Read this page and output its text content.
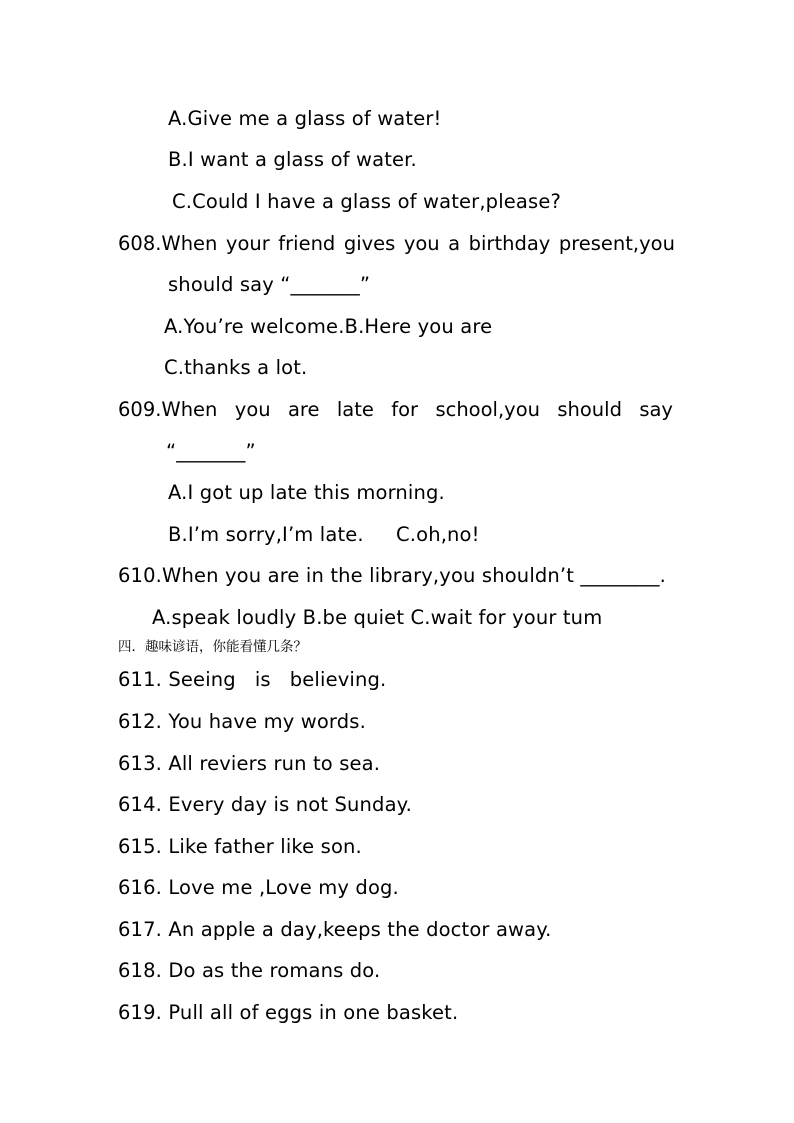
A.Give me a glass of water!
B.I want a glass of water.
C.Could I have a glass of water,please?
608.When your friend gives you a birthday present,you
should say “_______”
A.You’re welcome.B.Here you are
C.thanks a lot.
609.When you are late for school,you should say
“_______”
A.I got up late this morning.
B.I’m sorry,I’m late. C.oh,no!
610.When you are in the library,you shouldn’t ________.
A.speak loudly B.be quiet C.wait for your tum
四．趣味谚语，你能看懂几条？
611. Seeing   is   believing.
612. You have my words.
613. All reviers run to sea.
614. Every day is not Sunday.
615. Like father like son.
616. Love me ,Love my dog.
617. An apple a day,keeps the doctor away.
618. Do as the romans do.
619. Pull all of eggs in one basket.
